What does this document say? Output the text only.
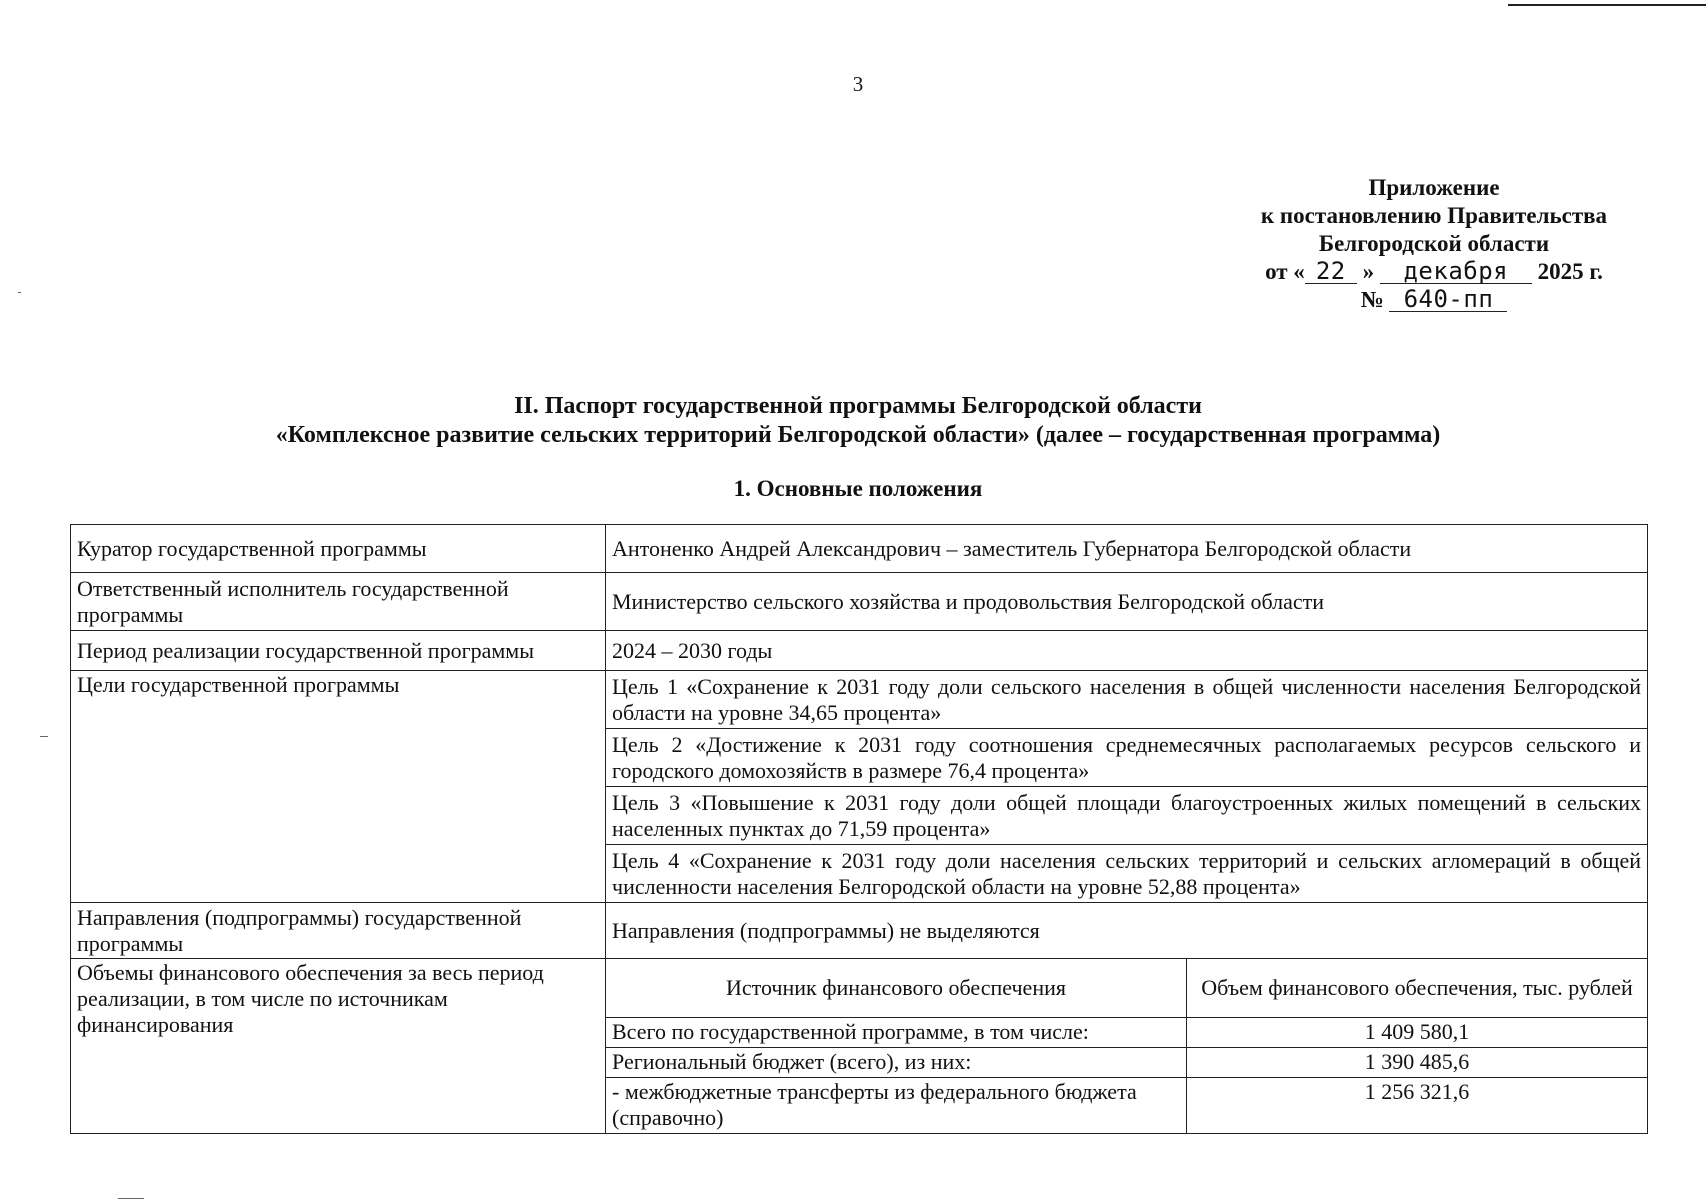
3
Приложение
к постановлению Правительства
Белгородской области
от « 22 » декабря 2025 г.
№ 640-пп
II. Паспорт государственной программы Белгородской области
«Комплексное развитие сельских территорий Белгородской области» (далее – государственная программа)
1. Основные положения
Куратор государственной программы	Антоненко Андрей Александрович – заместитель Губернатора Белгородской области
Ответственный исполнитель государственной программы	Министерство сельского хозяйства и продовольствия Белгородской области
Период реализации государственной программы	2024 – 2030 годы
Цели государственной программы	Цель 1 «Сохранение к 2031 году доли сельского населения в общей численности населения Белгородской области на уровне 34,65 процента»
Цель 2 «Достижение к 2031 году соотношения среднемесячных располагаемых ресурсов сельского и городского домохозяйств в размере 76,4 процента»
Цель 3 «Повышение к 2031 году доли общей площади благоустроенных жилых помещений в сельских населенных пунктах до 71,59 процента»
Цель 4 «Сохранение к 2031 году доли населения сельских территорий и сельских агломераций в общей численности населения Белгородской области на уровне 52,88 процента»
Направления (подпрограммы) государственной программы	Направления (подпрограммы) не выделяются
Объемы финансового обеспечения за весь период реализации, в том числе по источникам финансирования	
Источник финансового обеспечения	Объем финансового обеспечения, тыс. рублей
Всего по государственной программе, в том числе:	1 409 580,1
Региональный бюджет (всего), из них:	1 390 485,6
- межбюджетные трансферты из федерального бюджета (справочно)	1 256 321,6
